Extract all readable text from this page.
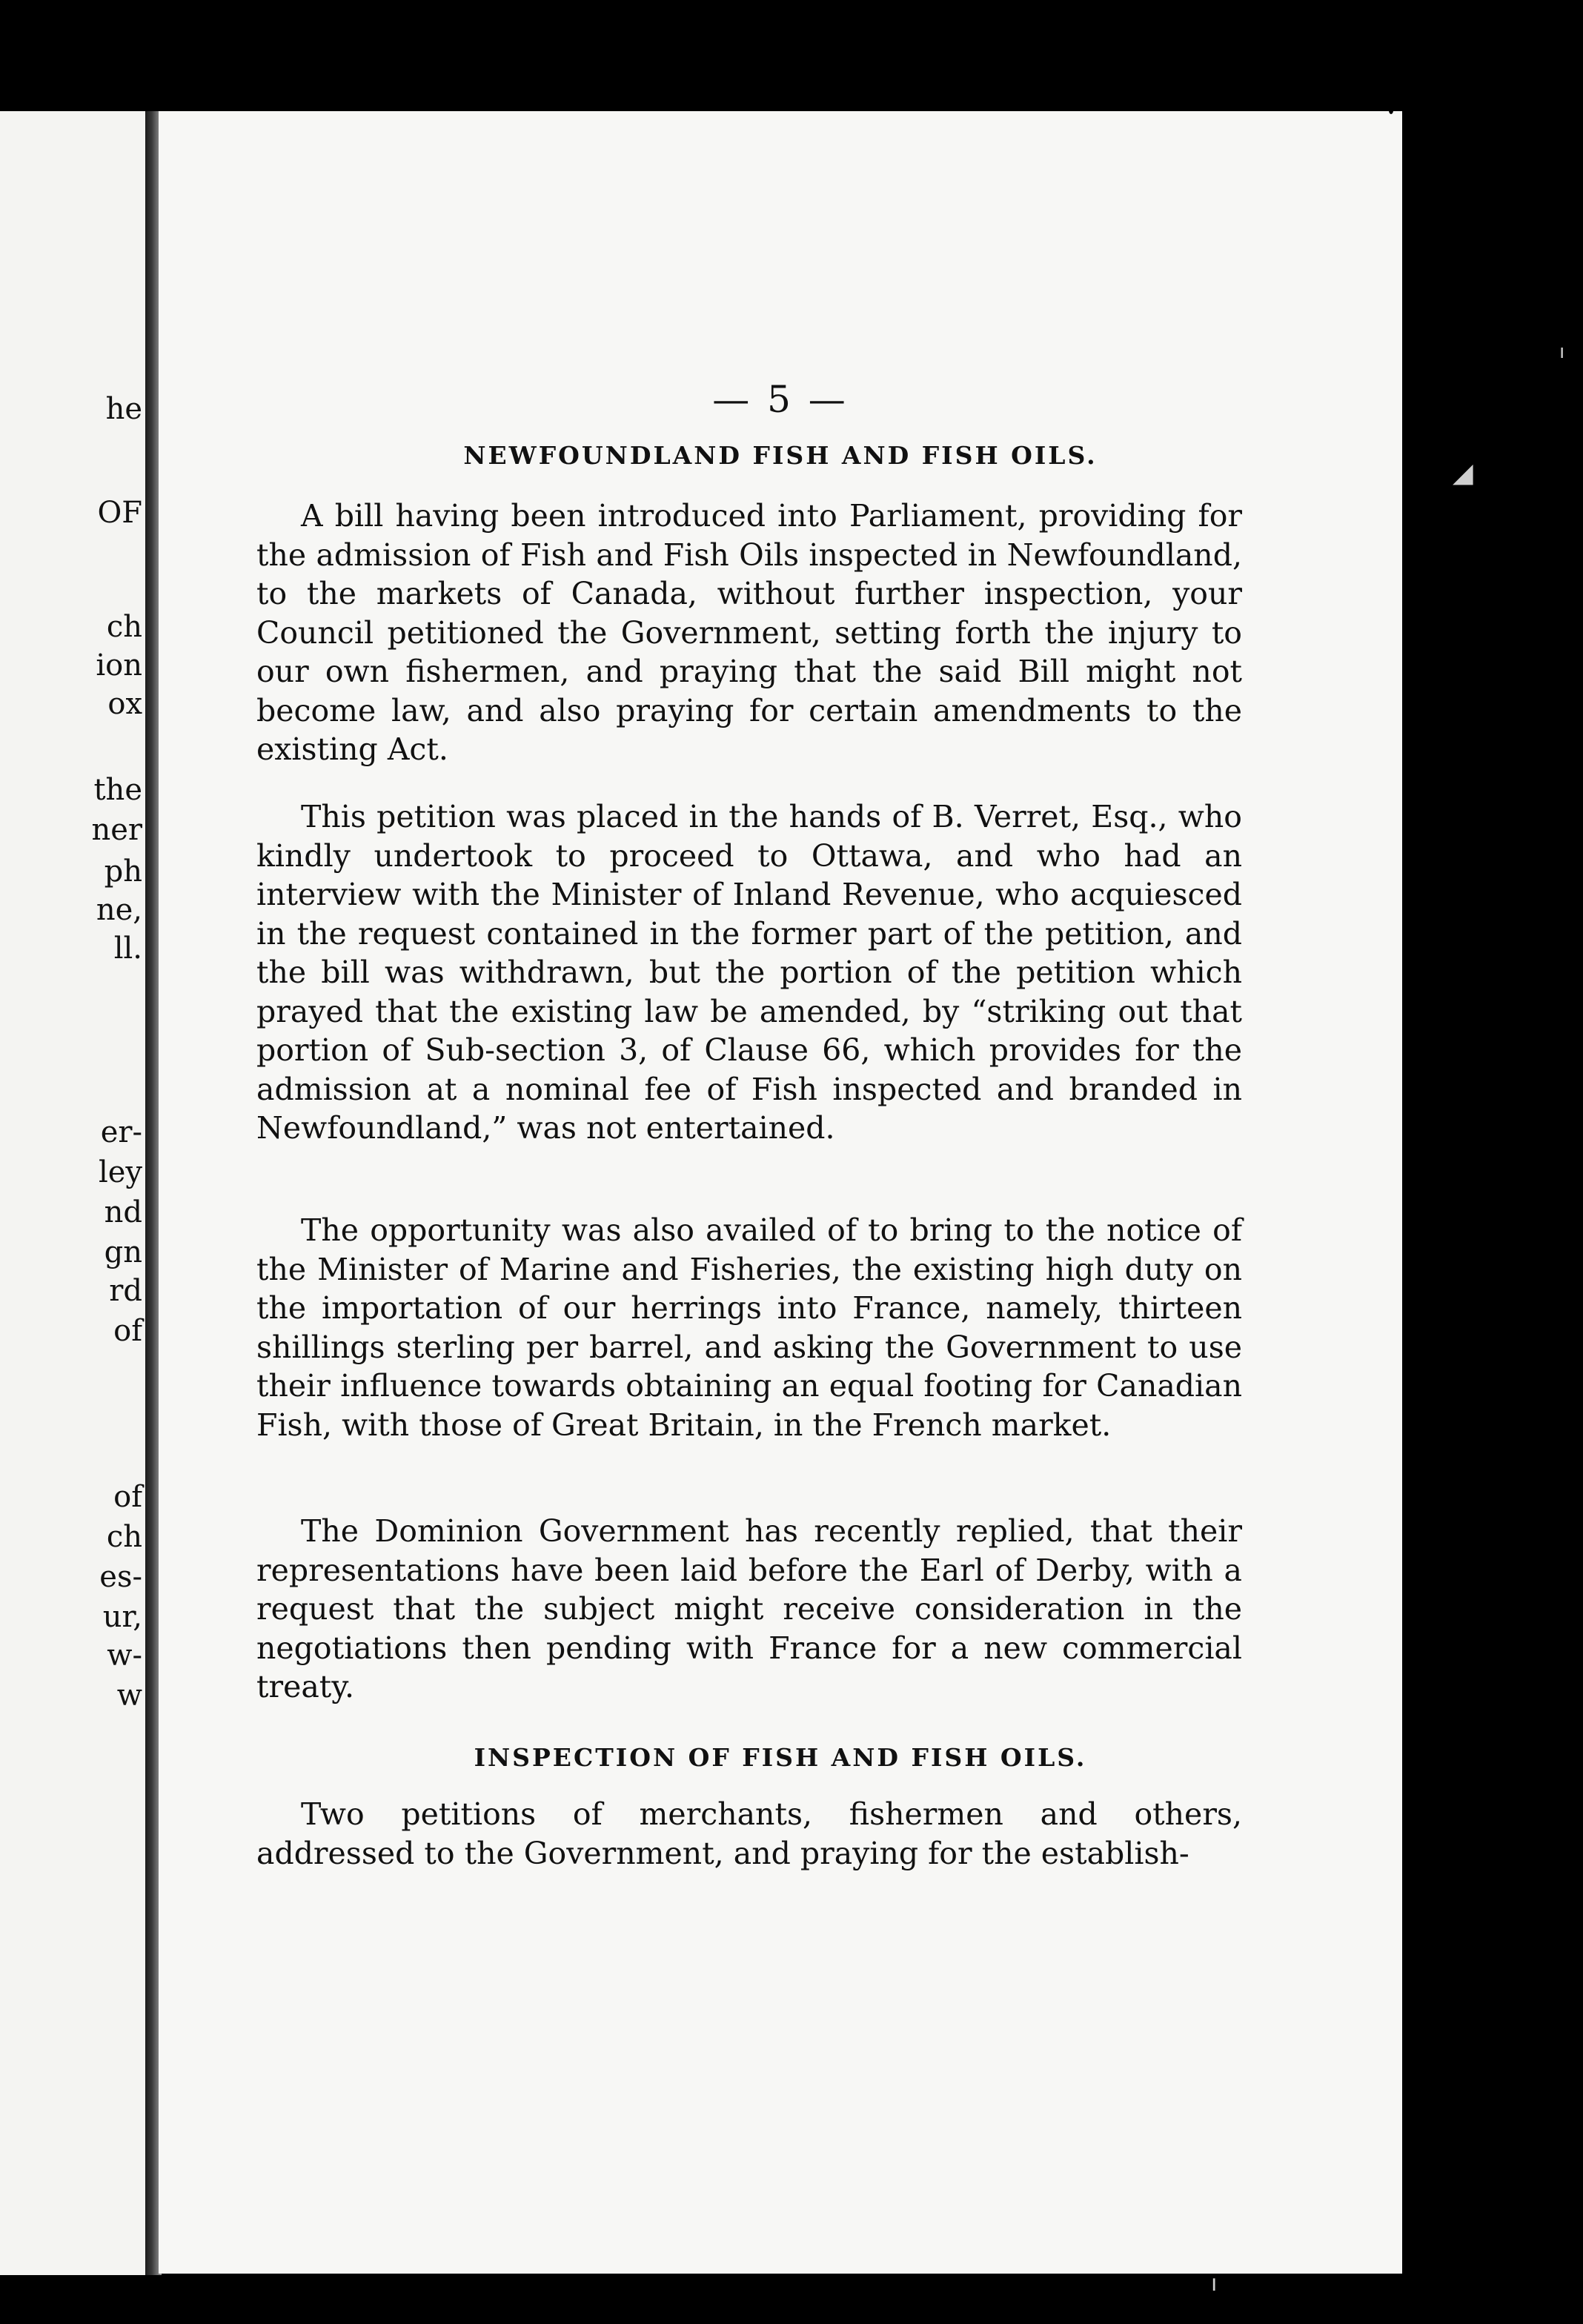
he
OF
ch
ion
ox
the
ner
ph
ne,
ll.
er-
ley
nd
gn
rd
of
of
ch
es-
ur,
w-
w
— 5 —
NEWFOUNDLAND FISH AND FISH OILS.

A bill having been introduced into Parliament, providing for the admission of Fish and Fish Oils inspected in Newfoundland, to the markets of Canada, without further inspection, your Council petitioned the Government, setting forth the injury to our own fishermen, and praying that the said Bill might not become law, and also praying for certain amendments to the existing Act.

This petition was placed in the hands of B. Verret, Esq., who kindly undertook to proceed to Ottawa, and who had an interview with the Minister of Inland Revenue, who acquiesced in the request contained in the former part of the petition, and the bill was withdrawn, but the portion of the petition which prayed that the existing law be amended, by “striking out that portion of Sub-section 3, of Clause 66, which provides for the admission at a nominal fee of Fish inspected and branded in Newfoundland,” was not entertained.

The opportunity was also availed of to bring to the notice of the Minister of Marine and Fisheries, the existing high duty on the importation of our herrings into France, namely, thirteen shillings sterling per barrel, and asking the Government to use their influence towards obtaining an equal footing for Canadian Fish, with those of Great Britain, in the French market.

The Dominion Government has recently replied, that their representations have been laid before the Earl of Derby, with a request that the subject might receive consideration in the negotiations then pending with France for a new commercial treaty.

INSPECTION OF FISH AND FISH OILS.

Two petitions of merchants, fishermen and others, addressed to the Government, and praying for the establish-

◢
ı
ı
